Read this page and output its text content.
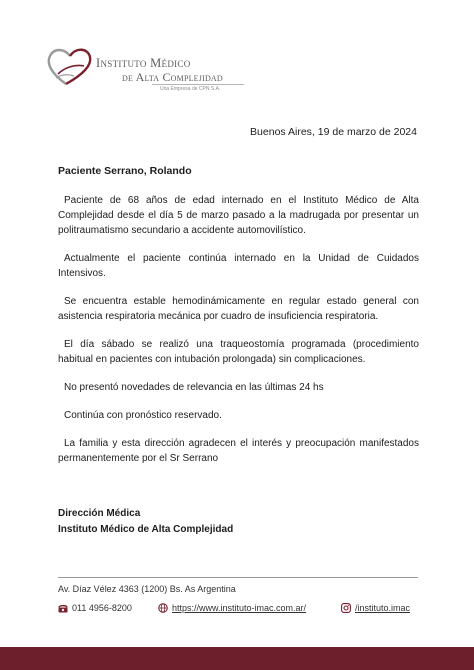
Instituto Médico
de Alta Complejidad
Una Empresa de CPN S.A.
Buenos Aires, 19 de marzo de 2024
Paciente Serrano, Rolando

Paciente de 68 años de edad internado en el Instituto Médico de Alta Complejidad desde el día 5 de marzo pasado a la madrugada por presentar un politraumatismo secundario a accidente automovilístico.

Actualmente el paciente continúa internado en la Unidad de Cuidados Intensivos.

Se encuentra estable hemodinámicamente en regular estado general con asistencia respiratoria mecánica por cuadro de insuficiencia respiratoria.

El día sábado se realizó una traqueostomía programada (procedimiento habitual en pacientes con intubación prolongada) sin complicaciones.

No presentó novedades de relevancia en las últimas 24 hs

Continúa con pronóstico reservado.

La familia y esta dirección agradecen el interés y preocupación manifestados permanentemente por el Sr Serrano

Dirección Médica
Instituto Médico de Alta Complejidad
Av. Díaz Vélez 4363 (1200) Bs. As Argentina
011 4956-8200	https://www.instituto-imac.com.ar/	/instituto.imac
